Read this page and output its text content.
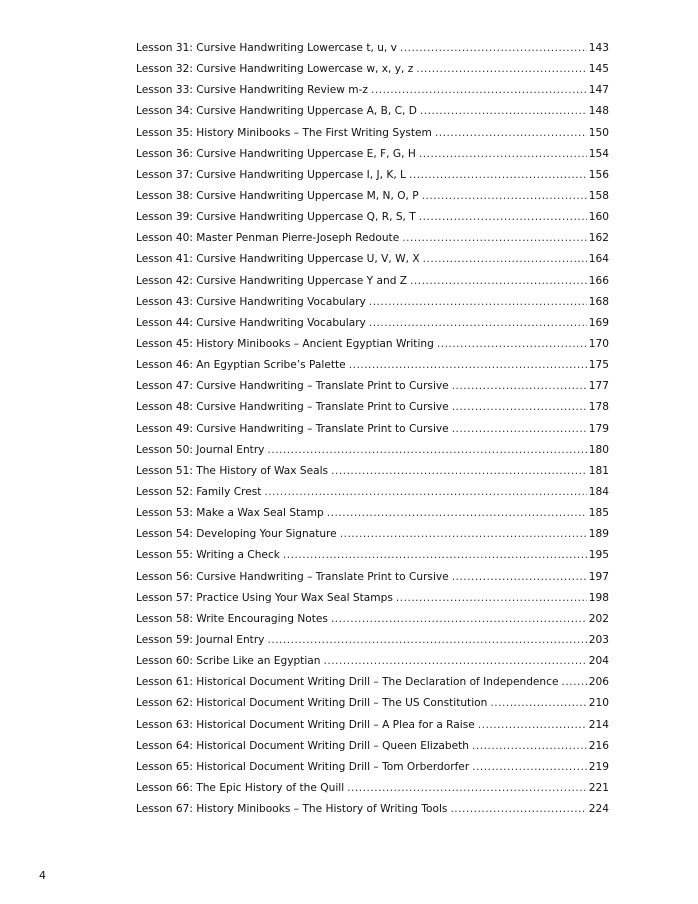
Lesson 31: Cursive Handwriting Lowercase t, u, v .....	143
Lesson 32: Cursive Handwriting Lowercase w, x, y, z .....	145
Lesson 33: Cursive Handwriting Review m-z .....	147
Lesson 34: Cursive Handwriting Uppercase A, B, C, D .....	148
Lesson 35: History Minibooks – The First Writing System .....	150
Lesson 36: Cursive Handwriting Uppercase E, F, G, H .....	154
Lesson 37: Cursive Handwriting Uppercase I, J, K, L .....	156
Lesson 38: Cursive Handwriting Uppercase M, N, O, P .....	158
Lesson 39: Cursive Handwriting Uppercase Q, R, S, T .....	160
Lesson 40: Master Penman Pierre-Joseph Redoute .....	162
Lesson 41: Cursive Handwriting Uppercase U, V, W, X .....	164
Lesson 42: Cursive Handwriting Uppercase Y and Z .....	166
Lesson 43: Cursive Handwriting Vocabulary .....	168
Lesson 44: Cursive Handwriting Vocabulary .....	169
Lesson 45: History Minibooks – Ancient Egyptian Writing .....	170
Lesson 46: An Egyptian Scribe’s Palette .....	175
Lesson 47: Cursive Handwriting – Translate Print to Cursive .....	177
Lesson 48: Cursive Handwriting – Translate Print to Cursive .....	178
Lesson 49: Cursive Handwriting – Translate Print to Cursive .....	179
Lesson 50: Journal Entry .....	180
Lesson 51: The History of Wax Seals .....	181
Lesson 52: Family Crest .....	184
Lesson 53: Make a Wax Seal Stamp .....	185
Lesson 54: Developing Your Signature .....	189
Lesson 55: Writing a Check .....	195
Lesson 56: Cursive Handwriting – Translate Print to Cursive .....	197
Lesson 57: Practice Using Your Wax Seal Stamps .....	198
Lesson 58: Write Encouraging Notes .....	202
Lesson 59: Journal Entry .....	203
Lesson 60: Scribe Like an Egyptian .....	204
Lesson 61: Historical Document Writing Drill – The Declaration of Independence .....	206
Lesson 62: Historical Document Writing Drill – The US Constitution .....	210
Lesson 63: Historical Document Writing Drill – A Plea for a Raise .....	214
Lesson 64: Historical Document Writing Drill – Queen Elizabeth .....	216
Lesson 65: Historical Document Writing Drill – Tom Orberdorfer .....	219
Lesson 66: The Epic History of the Quill .....	221
Lesson 67: History Minibooks – The History of Writing Tools .....	224
4
